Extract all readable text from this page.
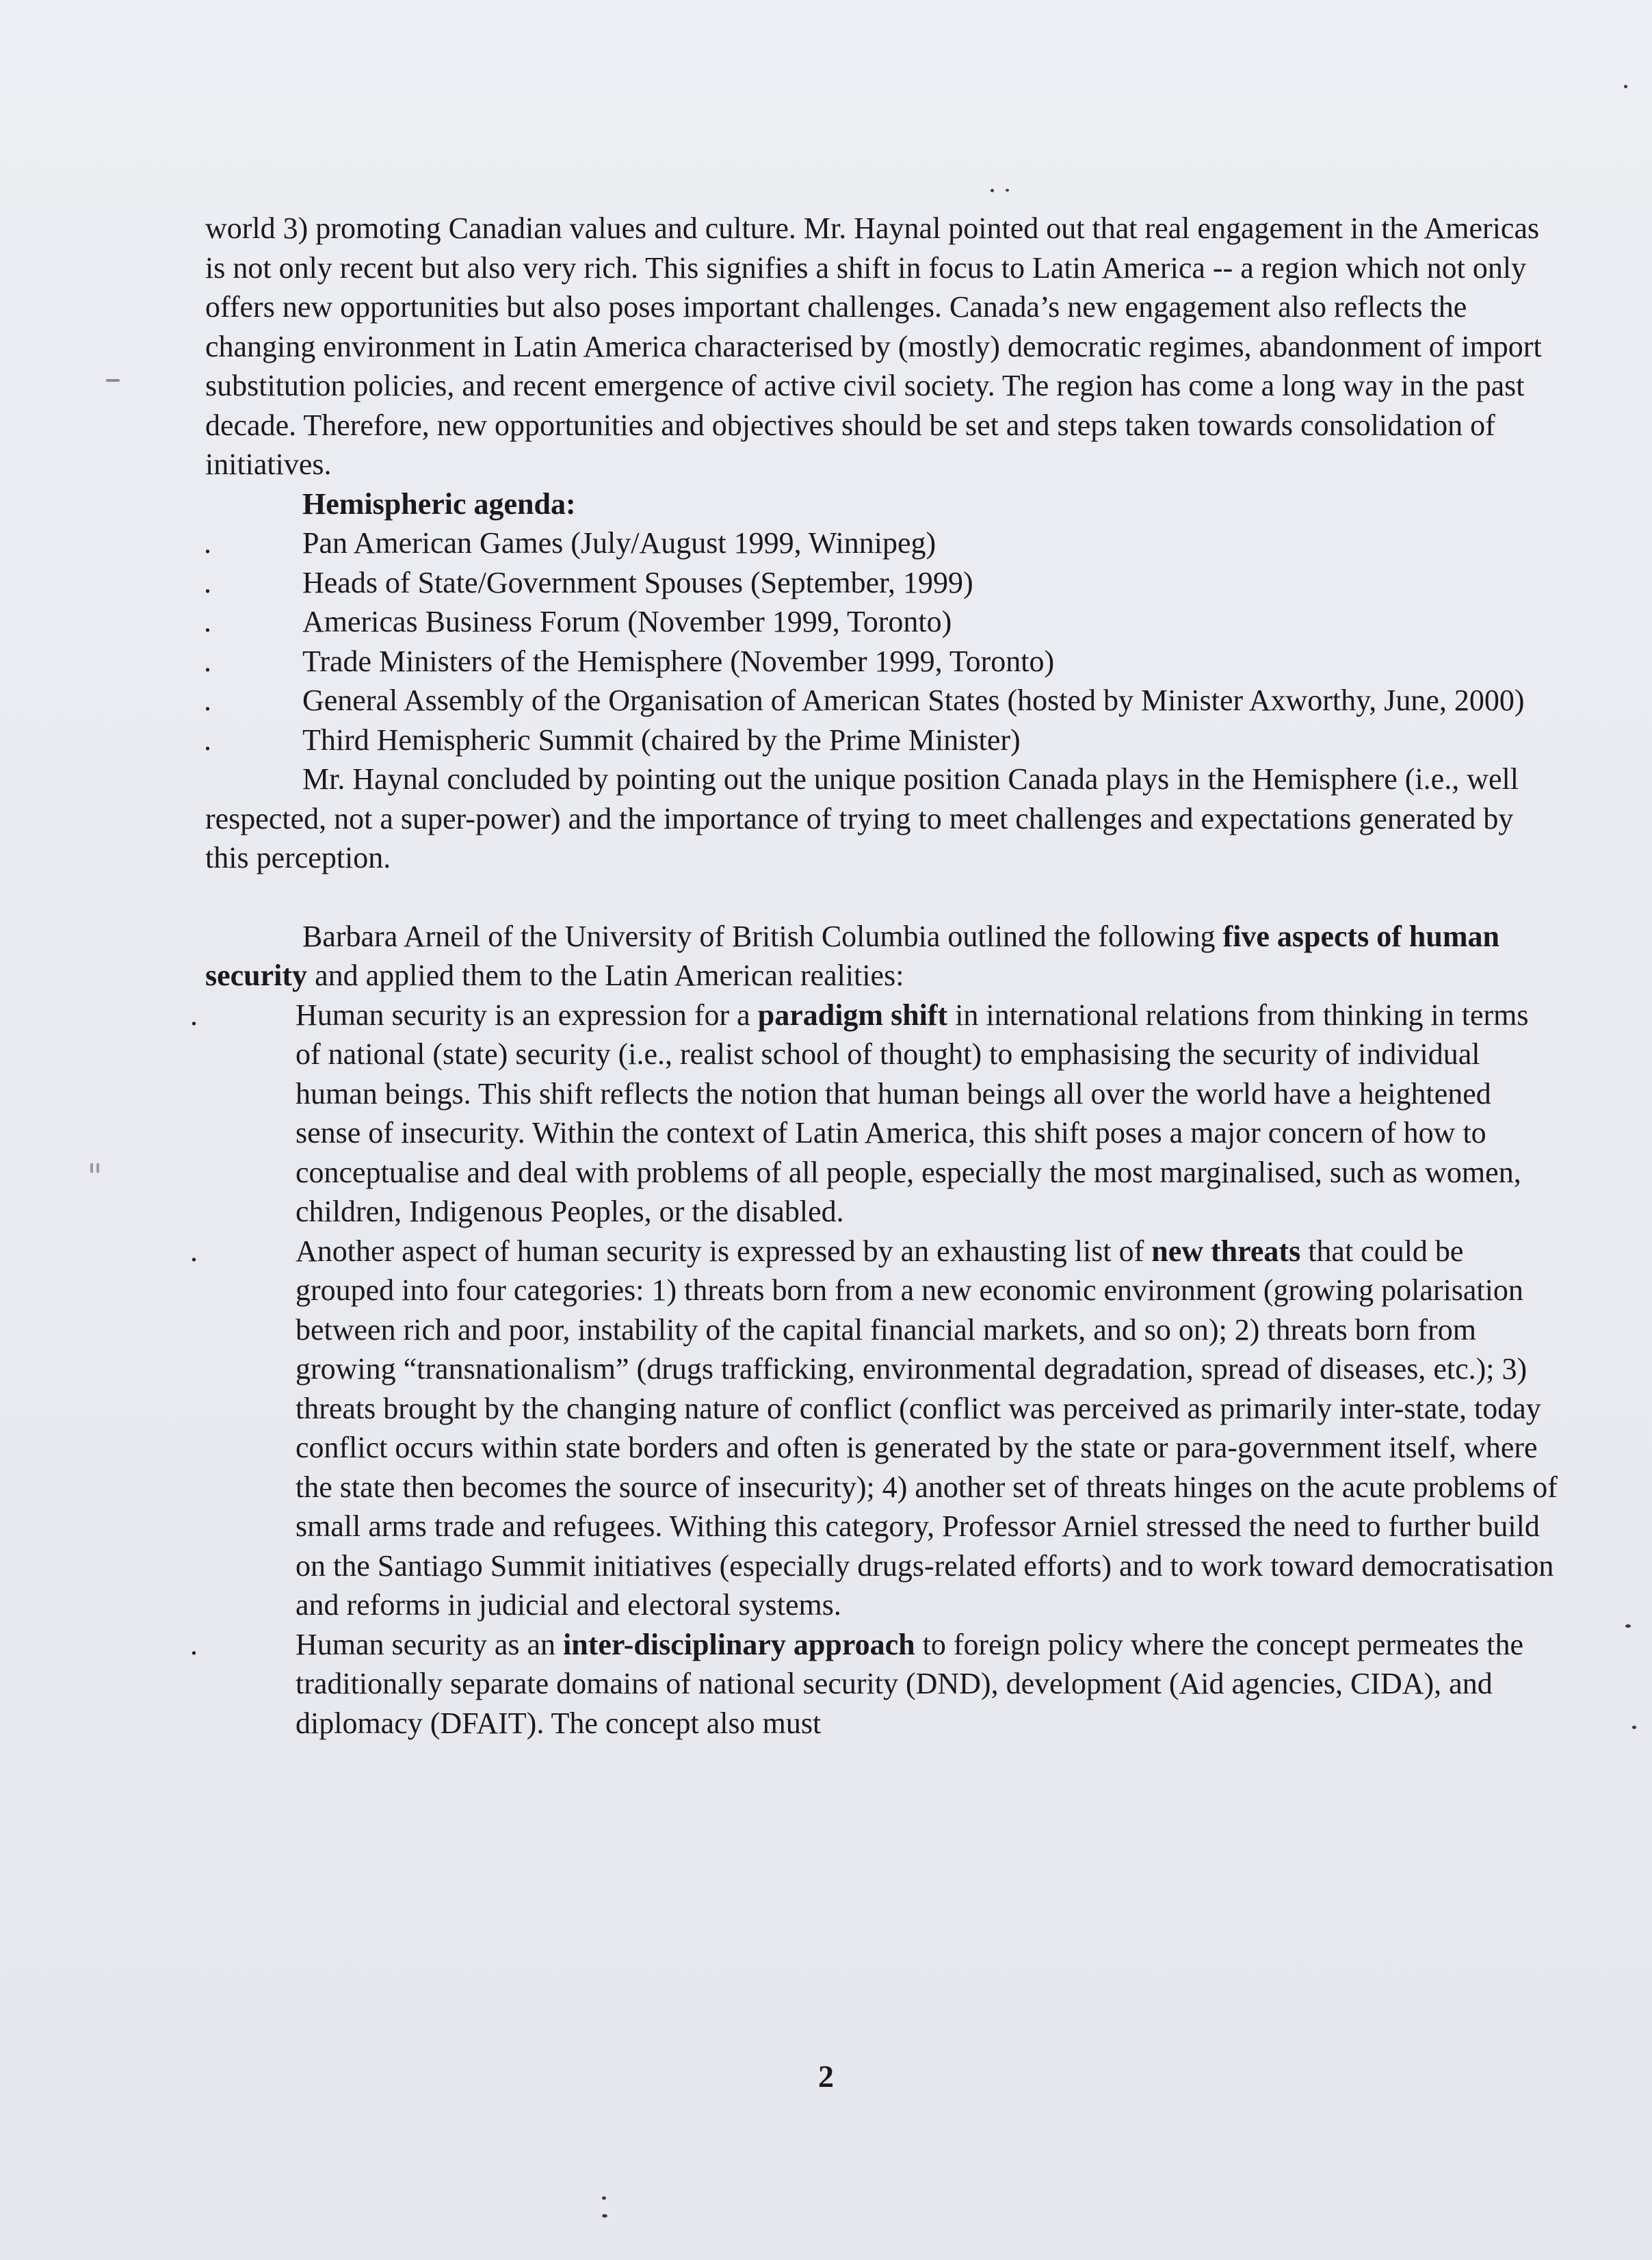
world 3) promoting Canadian values and culture. Mr. Haynal pointed out that real engagement in the Americas is not only recent but also very rich. This signifies a shift in focus to Latin America -- a region which not only offers new opportunities but also poses important challenges. Canada’s new engagement also reflects the changing environment in Latin America characterised by (mostly) democratic regimes, abandonment of import substitution policies, and recent emergence of active civil society. The region has come a long way in the past decade. Therefore, new opportunities and objectives should be set and steps taken towards consolidation of initiatives.

Hemispheric agenda:

.	Pan American Games (July/August 1999, Winnipeg)
.	Heads of State/Government Spouses (September, 1999)
.	Americas Business Forum (November 1999, Toronto)
.	Trade Ministers of the Hemisphere (November 1999, Toronto)
.	General Assembly of the Organisation of American States (hosted by Minister Axworthy, June, 2000)
.	Third Hemispheric Summit (chaired by the Prime Minister)

Mr. Haynal concluded by pointing out the unique position Canada plays in the Hemisphere (i.e., well respected, not a super-power) and the importance of trying to meet challenges and expectations generated by this perception.

Barbara Arneil of the University of British Columbia outlined the following five aspects of human security and applied them to the Latin American realities:

.	Human security is an expression for a paradigm shift in international relations from thinking in terms of national (state) security (i.e., realist school of thought) to emphasising the security of individual human beings. This shift reflects the notion that human beings all over the world have a heightened sense of insecurity. Within the context of Latin America, this shift poses a major concern of how to conceptualise and deal with problems of all people, especially the most marginalised, such as women, children, Indigenous Peoples, or the disabled.
.	Another aspect of human security is expressed by an exhausting list of new threats that could be grouped into four categories: 1) threats born from a new economic environment (growing polarisation between rich and poor, instability of the capital financial markets, and so on); 2) threats born from growing “transnationalism” (drugs trafficking, environmental degradation, spread of diseases, etc.); 3) threats brought by the changing nature of conflict (conflict was perceived as primarily inter-state, today conflict occurs within state borders and often is generated by the state or para-government itself, where the state then becomes the source of insecurity); 4) another set of threats hinges on the acute problems of small arms trade and refugees. Withing this category, Professor Arniel stressed the need to further build on the Santiago Summit initiatives (especially drugs-related efforts) and to work toward democratisation and reforms in judicial and electoral systems.
.	Human security as an inter-disciplinary approach to foreign policy where the concept permeates the traditionally separate domains of national security (DND), development (Aid agencies, CIDA), and diplomacy (DFAIT). The concept also must
2
